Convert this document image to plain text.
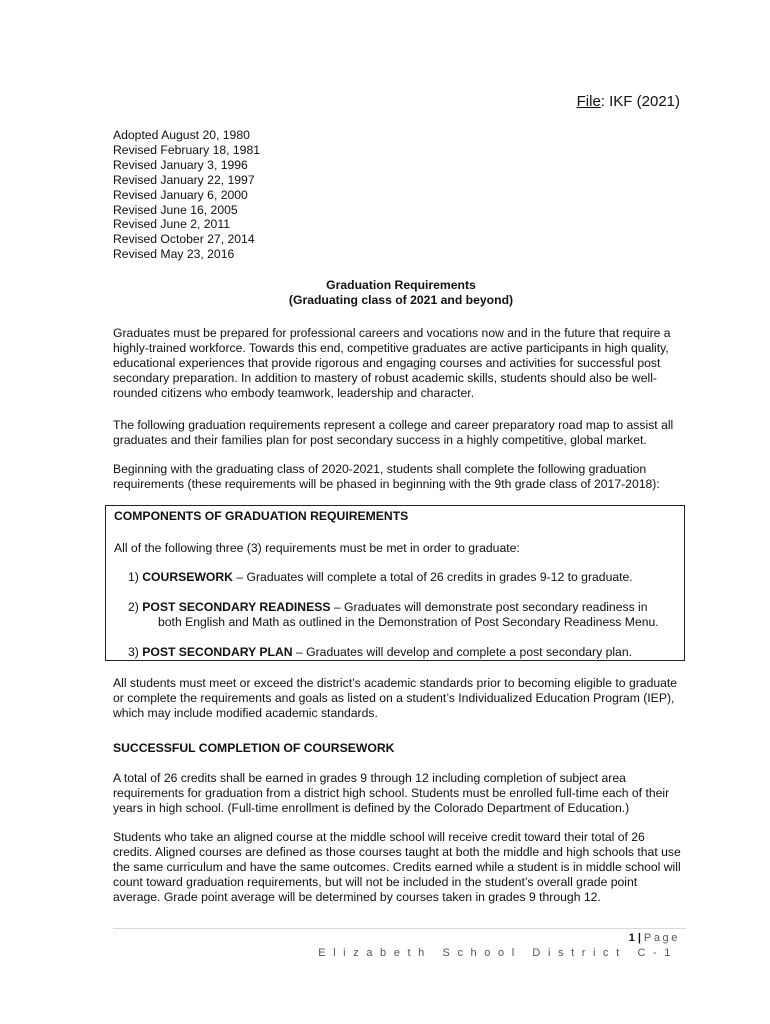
File: IKF (2021)
Adopted August 20, 1980
Revised February 18, 1981
Revised January 3, 1996
Revised January 22, 1997
Revised January 6, 2000
Revised June 16, 2005
Revised June 2, 2011
Revised October 27, 2014
Revised May 23, 2016
Graduation Requirements
(Graduating class of 2021 and beyond)
Graduates must be prepared for professional careers and vocations now and in the future that require a highly-trained workforce. Towards this end, competitive graduates are active participants in high quality, educational experiences that provide rigorous and engaging courses and activities for successful post secondary preparation. In addition to mastery of robust academic skills, students should also be well-rounded citizens who embody teamwork, leadership and character.
The following graduation requirements represent a college and career preparatory road map to assist all graduates and their families plan for post secondary success in a highly competitive, global market.
Beginning with the graduating class of 2020-2021, students shall complete the following graduation requirements (these requirements will be phased in beginning with the 9th grade class of 2017-2018):
COMPONENTS OF GRADUATION REQUIREMENTS
All of the following three (3) requirements must be met in order to graduate:
1) COURSEWORK – Graduates will complete a total of 26 credits in grades 9-12 to graduate.
2) POST SECONDARY READINESS – Graduates will demonstrate post secondary readiness in
both English and Math as outlined in the Demonstration of Post Secondary Readiness Menu.
3) POST SECONDARY PLAN – Graduates will develop and complete a post secondary plan.
All students must meet or exceed the district’s academic standards prior to becoming eligible to graduate or complete the requirements and goals as listed on a student’s Individualized Education Program (IEP), which may include modified academic standards.
SUCCESSFUL COMPLETION OF COURSEWORK
A total of 26 credits shall be earned in grades 9 through 12 including completion of subject area requirements for graduation from a district high school. Students must be enrolled full-time each of their years in high school. (Full-time enrollment is defined by the Colorado Department of Education.)
Students who take an aligned course at the middle school will receive credit toward their total of 26 credits. Aligned courses are defined as those courses taught at both the middle and high schools that use the same curriculum and have the same outcomes. Credits earned while a student is in middle school will count toward graduation requirements, but will not be included in the student’s overall grade point average. Grade point average will be determined by courses taken in grades 9 through 12.
1 | Page
Elizabeth School District C-1
